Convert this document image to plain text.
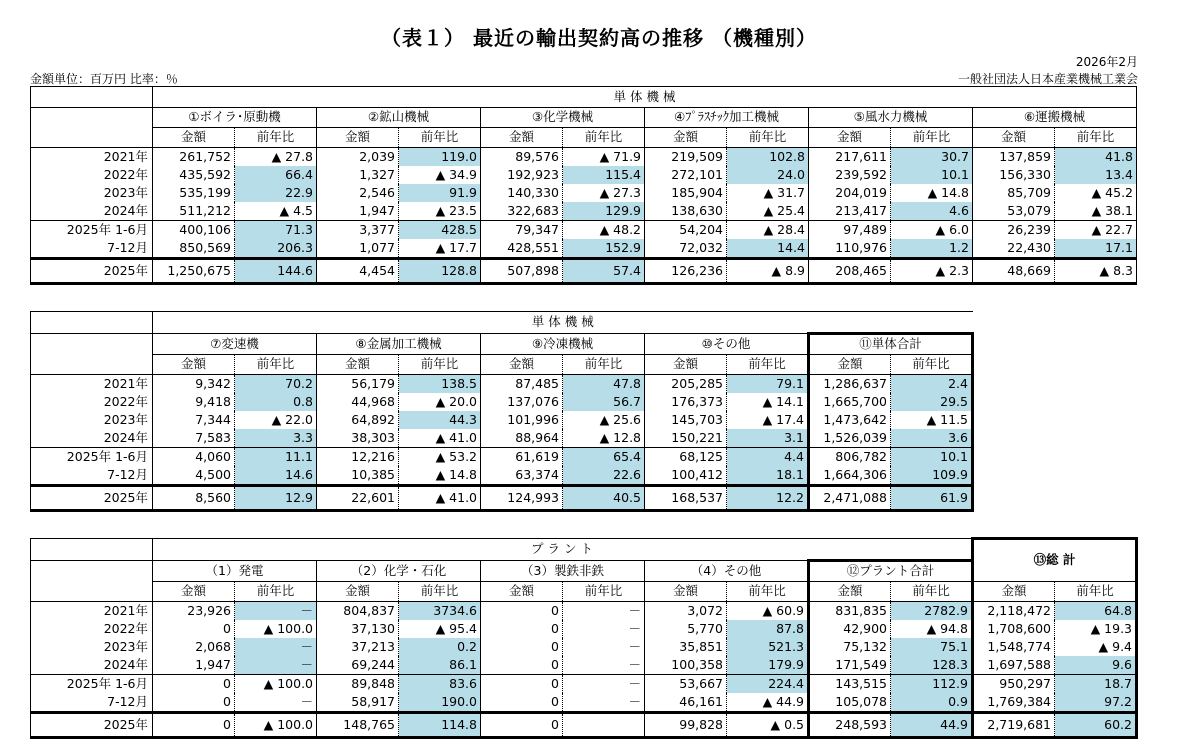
（表１） 最近の輸出契約高の推移 （機種別）
2026年2月
金額単位：百万円 比率：％	一般社団法人日本産業機械工業会
	単 体 機 械											
	①ボイラ･原動機		②鉱山機械		③化学機械		④ﾌﾟﾗｽﾁｯｸ加工機械		⑤風水力機械		⑥運搬機械	
	金額	前年比	金額	前年比	金額	前年比	金額	前年比	金額	前年比	金額	前年比
2021年	261,752	▲ 27.8	2,039	119.0	89,576	▲ 71.9	219,509	102.8	217,611	30.7	137,859	41.8
2022年	435,592	66.4	1,327	▲ 34.9	192,923	115.4	272,101	24.0	239,592	10.1	156,330	13.4
2023年	535,199	22.9	2,546	91.9	140,330	▲ 27.3	185,904	▲ 31.7	204,019	▲ 14.8	85,709	▲ 45.2
2024年	511,212	▲ 4.5	1,947	▲ 23.5	322,683	129.9	138,630	▲ 25.4	213,417	4.6	53,079	▲ 38.1
2025年 1-6月	400,106	71.3	3,377	428.5	79,347	▲ 48.2	54,204	▲ 28.4	97,489	▲ 6.0	26,239	▲ 22.7
7-12月	850,569	206.3	1,077	▲ 17.7	428,551	152.9	72,032	14.4	110,976	1.2	22,430	17.1
2025年	1,250,675	144.6	4,454	128.8	507,898	57.4	126,236	▲ 8.9	208,465	▲ 2.3	48,669	▲ 8.3
	単 体 機 械									
	⑦変速機		⑧金属加工機械		⑨冷凍機械		⑩その他		⑪単体合計	
	金額	前年比	金額	前年比	金額	前年比	金額	前年比	金額	前年比
2021年	9,342	70.2	56,179	138.5	87,485	47.8	205,285	79.1	1,286,637	2.4
2022年	9,418	0.8	44,968	▲ 20.0	137,076	56.7	176,373	▲ 14.1	1,665,700	29.5
2023年	7,344	▲ 22.0	64,892	44.3	101,996	▲ 25.6	145,703	▲ 17.4	1,473,642	▲ 11.5
2024年	7,583	3.3	38,303	▲ 41.0	88,964	▲ 12.8	150,221	3.1	1,526,039	3.6
2025年 1-6月	4,060	11.1	12,216	▲ 53.2	61,619	65.4	68,125	4.4	806,782	10.1
7-12月	4,500	14.6	10,385	▲ 14.8	63,374	22.6	100,412	18.1	1,664,306	109.9
2025年	8,560	12.9	22,601	▲ 41.0	124,993	40.5	168,537	12.2	2,471,088	61.9
	プ ラ ン ト										⑬総 計	
	（1）発電		（2）化学・石化		（3）製鉄非鉄		（4）その他		⑫プラント合計			
	金額	前年比	金額	前年比	金額	前年比	金額	前年比	金額	前年比	金額	前年比
2021年	23,926	－	804,837	3734.6	0	－	3,072	▲ 60.9	831,835	2782.9	2,118,472	64.8
2022年	0	▲ 100.0	37,130	▲ 95.4	0	－	5,770	87.8	42,900	▲ 94.8	1,708,600	▲ 19.3
2023年	2,068	－	37,213	0.2	0	－	35,851	521.3	75,132	75.1	1,548,774	▲ 9.4
2024年	1,947	－	69,244	86.1	0	－	100,358	179.9	171,549	128.3	1,697,588	9.6
2025年 1-6月	0	▲ 100.0	89,848	83.6	0	－	53,667	224.4	143,515	112.9	950,297	18.7
7-12月	0	－	58,917	190.0	0	－	46,161	▲ 44.9	105,078	0.9	1,769,384	97.2
2025年	0	▲ 100.0	148,765	114.8	0		99,828	▲ 0.5	248,593	44.9	2,719,681	60.2
